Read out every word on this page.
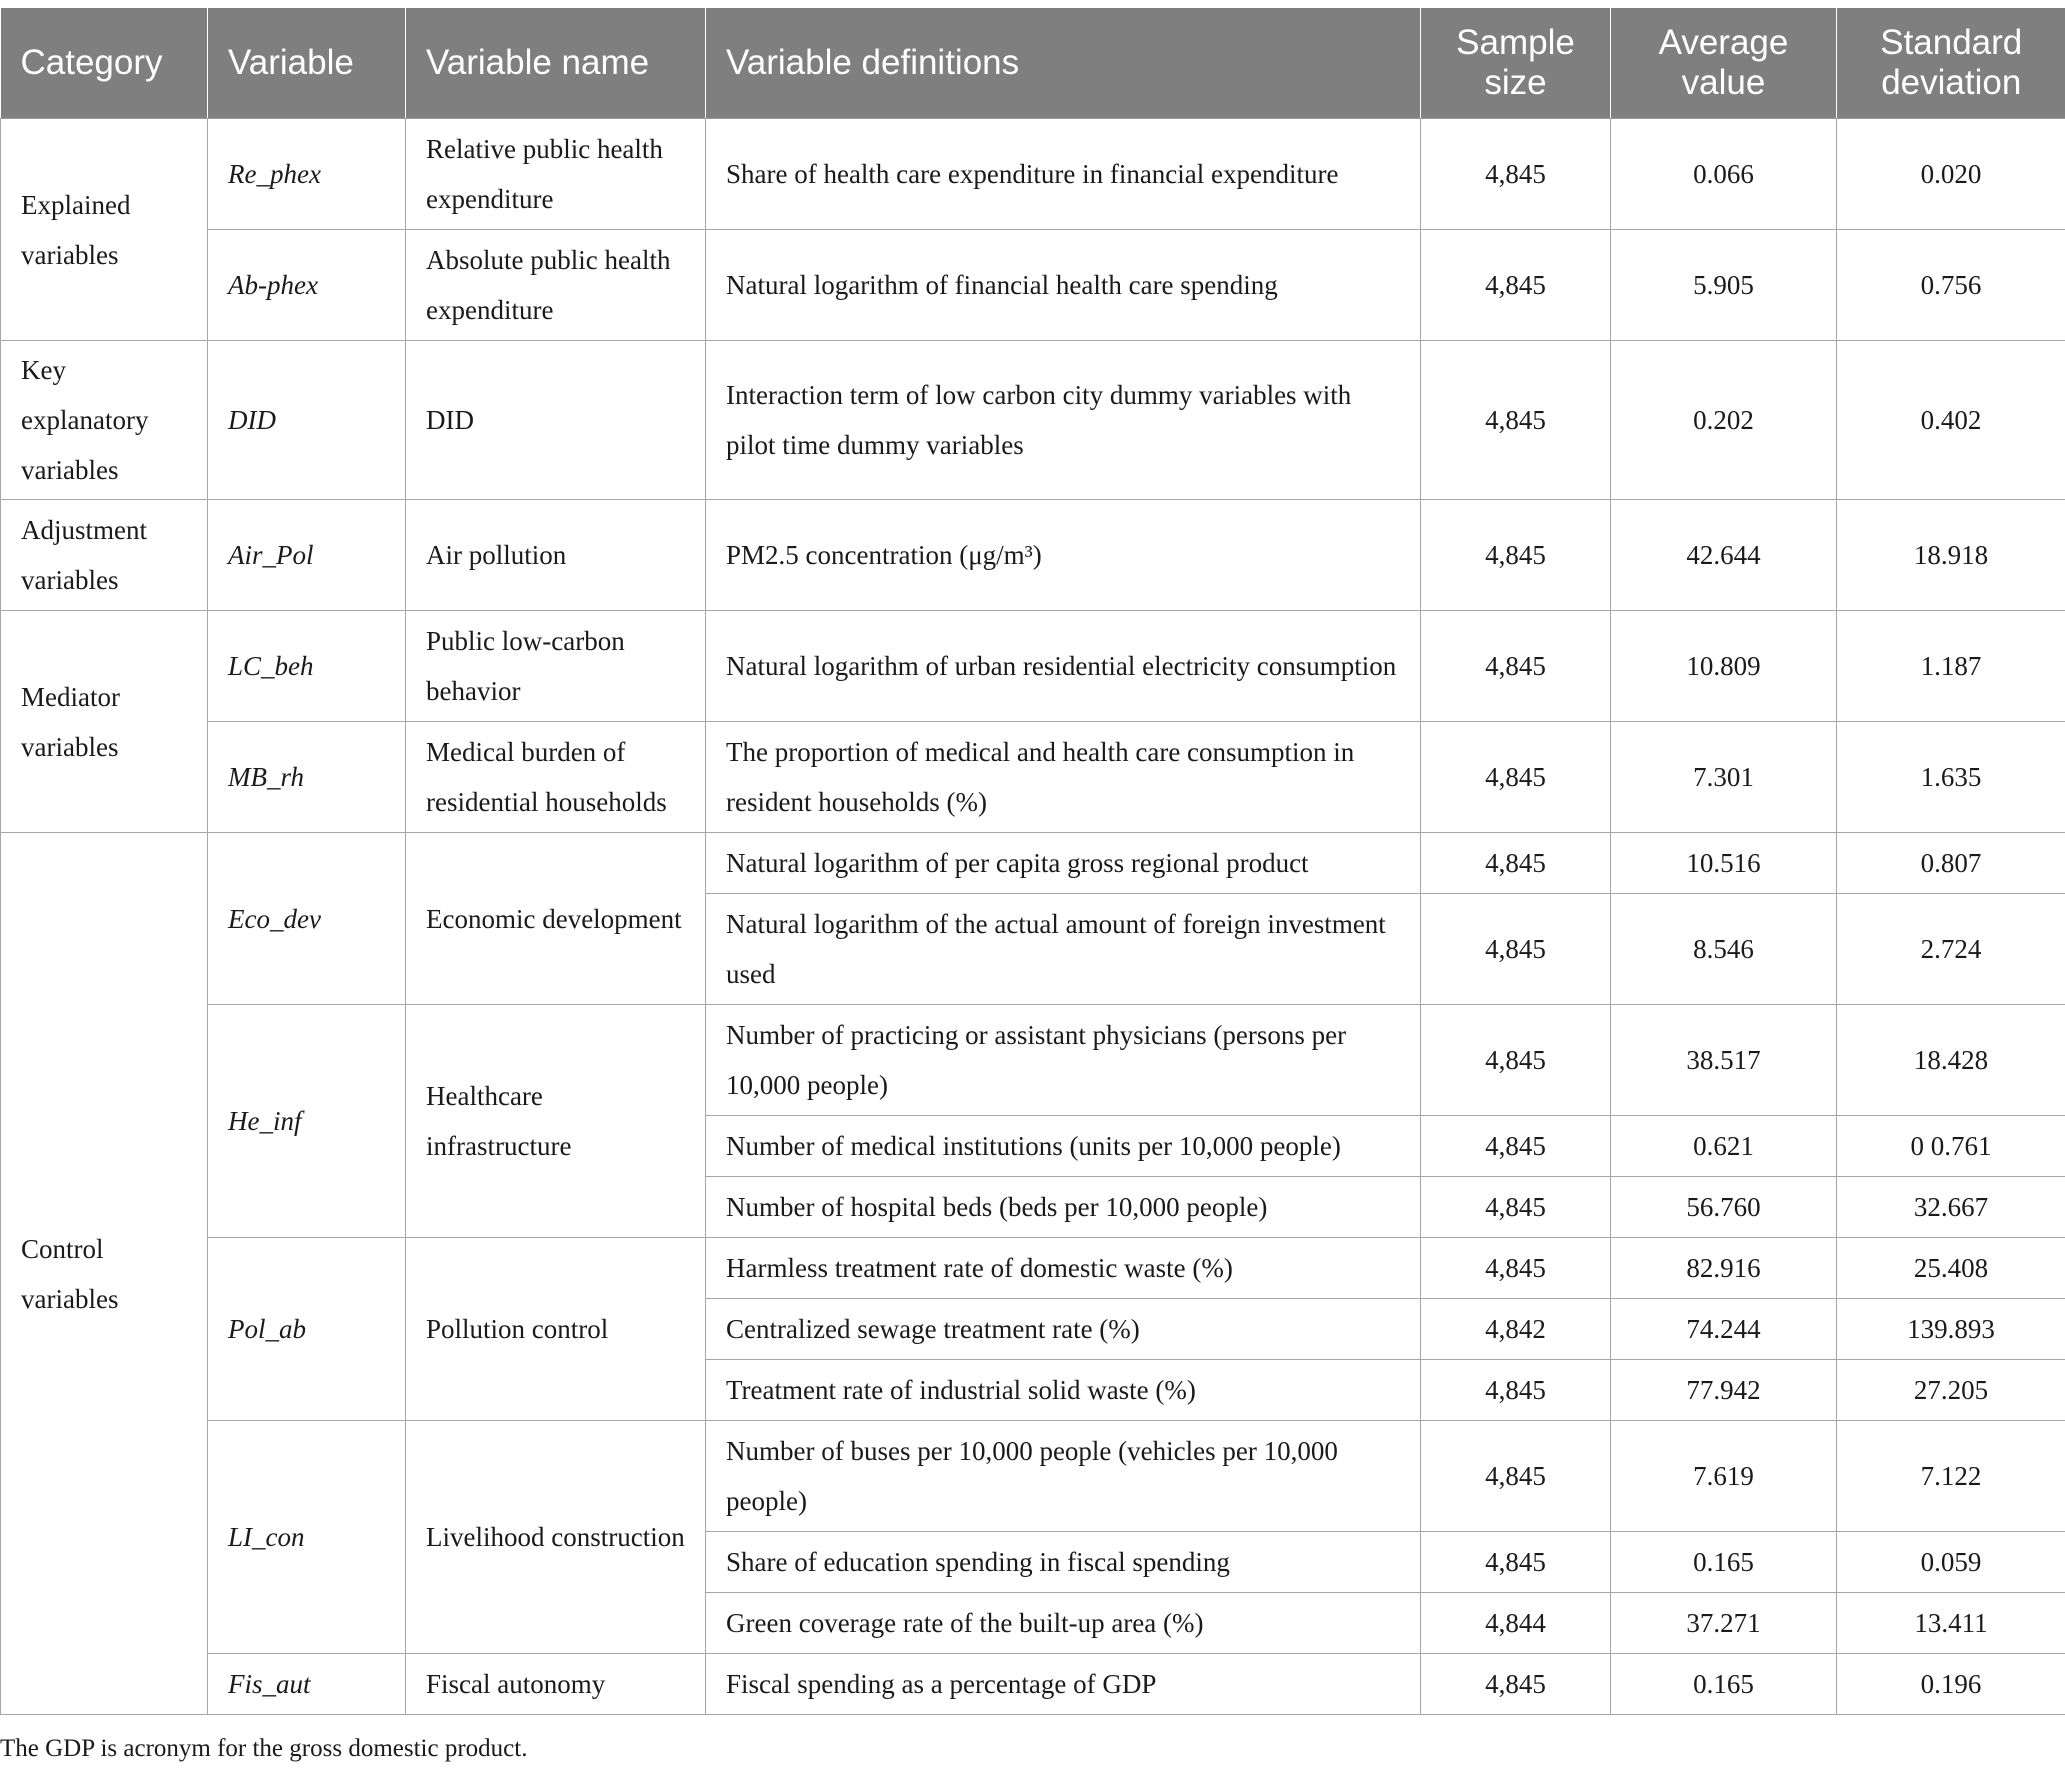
Category	Variable	Variable name	Variable definitions	Sample size	Average value	Standard deviation
Explained variables	Re_phex	Relative public health expenditure	Share of health care expenditure in financial expenditure	4,845	0.066	0.020
	Ab-phex	Absolute public health expenditure	Natural logarithm of financial health care spending	4,845	5.905	0.756
Key explanatory variables	DID	DID	Interaction term of low carbon city dummy variables with pilot time dummy variables	4,845	0.202	0.402
Adjustment variables	Air_Pol	Air pollution	PM2.5 concentration (μg/m³)	4,845	42.644	18.918
Mediator variables	LC_beh	Public low-carbon behavior	Natural logarithm of urban residential electricity consumption	4,845	10.809	1.187
	MB_rh	Medical burden of residential households	The proportion of medical and health care consumption in resident households (%)	4,845	7.301	1.635
Control variables	Eco_dev	Economic development	Natural logarithm of per capita gross regional product	4,845	10.516	0.807
			Natural logarithm of the actual amount of foreign investment used	4,845	8.546	2.724
	He_inf	Healthcare infrastructure	Number of practicing or assistant physicians (persons per 10,000 people)	4,845	38.517	18.428
			Number of medical institutions (units per 10,000 people)	4,845	0.621	0 0.761
			Number of hospital beds (beds per 10,000 people)	4,845	56.760	32.667
	Pol_ab	Pollution control	Harmless treatment rate of domestic waste (%)	4,845	82.916	25.408
			Centralized sewage treatment rate (%)	4,842	74.244	139.893
			Treatment rate of industrial solid waste (%)	4,845	77.942	27.205
	LI_con	Livelihood construction	Number of buses per 10,000 people (vehicles per 10,000 people)	4,845	7.619	7.122
			Share of education spending in fiscal spending	4,845	0.165	0.059
			Green coverage rate of the built-up area (%)	4,844	37.271	13.411
	Fis_aut	Fiscal autonomy	Fiscal spending as a percentage of GDP	4,845	0.165	0.196
The GDP is acronym for the gross domestic product.
